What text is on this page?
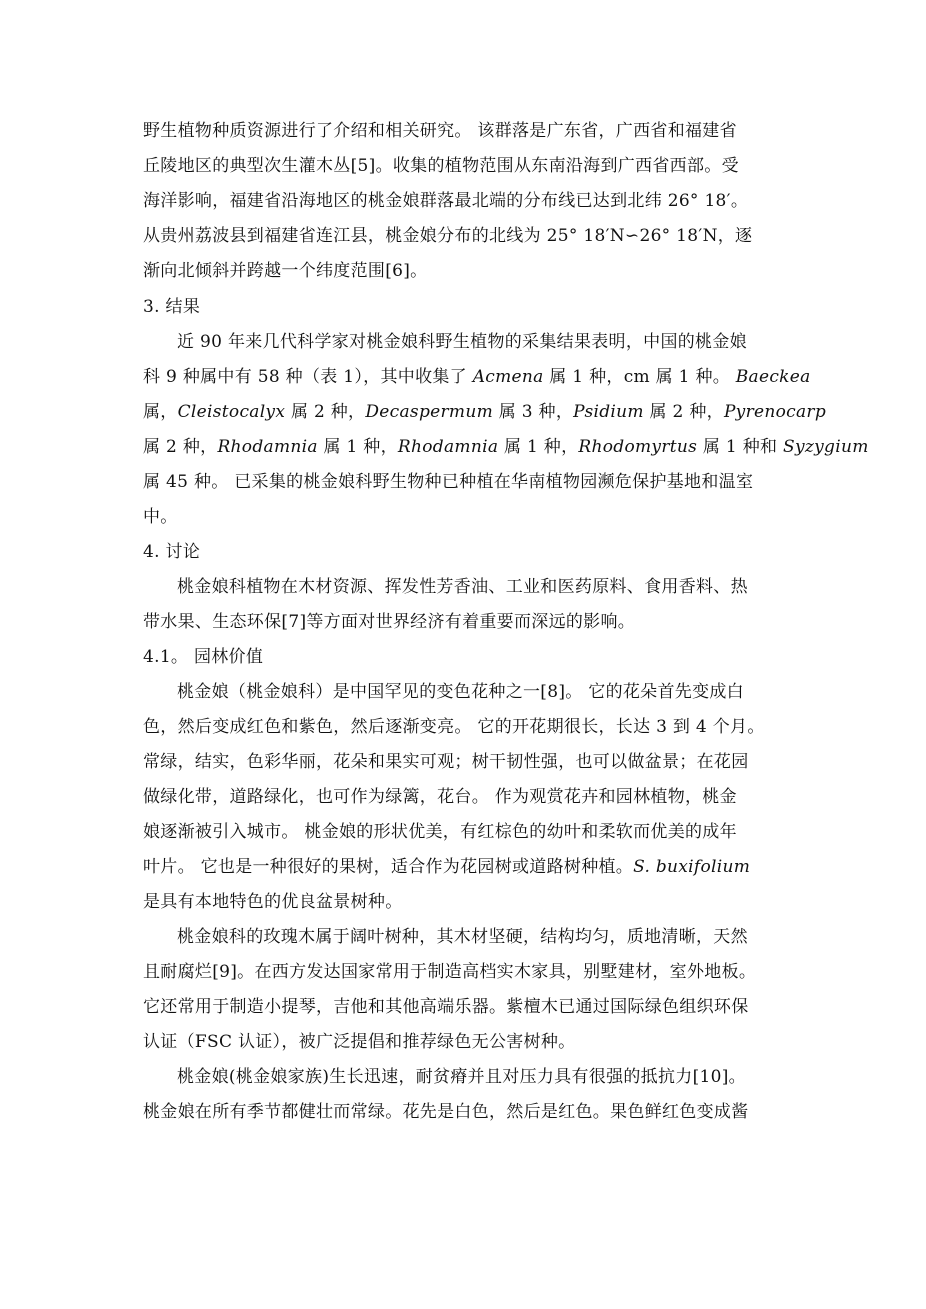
野生植物种质资源进行了介绍和相关研究。 该群落是广东省，广西省和福建省
丘陵地区的典型次生灌木丛[5]。收集的植物范围从东南沿海到广西省西部。受
海洋影响，福建省沿海地区的桃金娘群落最北端的分布线已达到北纬 26° 18′。
从贵州荔波县到福建省连江县，桃金娘分布的北线为 25° 18′N∽26° 18′N，逐
渐向北倾斜并跨越一个纬度范围[6]。
3. 结果
近 90 年来几代科学家对桃金娘科野生植物的采集结果表明，中国的桃金娘
科 9 种属中有 58 种（表 1），其中收集了 Acmena 属 1 种，cm 属 1 种。 Baeckea
属，Cleistocalyx 属 2 种，Decaspermum 属 3 种，Psidium 属 2 种，Pyrenocarp
属 2 种，Rhodamnia 属 1 种，Rhodamnia 属 1 种，Rhodomyrtus 属 1 种和 Syzygium
属 45 种。 已采集的桃金娘科野生物种已种植在华南植物园濒危保护基地和温室
中。
4. 讨论
桃金娘科植物在木材资源、挥发性芳香油、工业和医药原料、食用香料、热
带水果、生态环保[7]等方面对世界经济有着重要而深远的影响。
4.1。 园林价值
桃金娘（桃金娘科）是中国罕见的变色花种之一[8]。 它的花朵首先变成白
色，然后变成红色和紫色，然后逐渐变亮。 它的开花期很长，长达 3 到 4 个月。
常绿，结实，色彩华丽，花朵和果实可观；树干韧性强，也可以做盆景；在花园
做绿化带，道路绿化，也可作为绿篱，花台。 作为观赏花卉和园林植物，桃金
娘逐渐被引入城市。 桃金娘的形状优美，有红棕色的幼叶和柔软而优美的成年
叶片。 它也是一种很好的果树，适合作为花园树或道路树种植。S. buxifolium
是具有本地特色的优良盆景树种。
桃金娘科的玫瑰木属于阔叶树种，其木材坚硬，结构均匀，质地清晰，天然
且耐腐烂[9]。在西方发达国家常用于制造高档实木家具，别墅建材，室外地板。
它还常用于制造小提琴，吉他和其他高端乐器。紫檀木已通过国际绿色组织环保
认证（FSC 认证），被广泛提倡和推荐绿色无公害树种。
桃金娘(桃金娘家族)生长迅速，耐贫瘠并且对压力具有很强的抵抗力[10]。
桃金娘在所有季节都健壮而常绿。花先是白色，然后是红色。果色鲜红色变成酱
